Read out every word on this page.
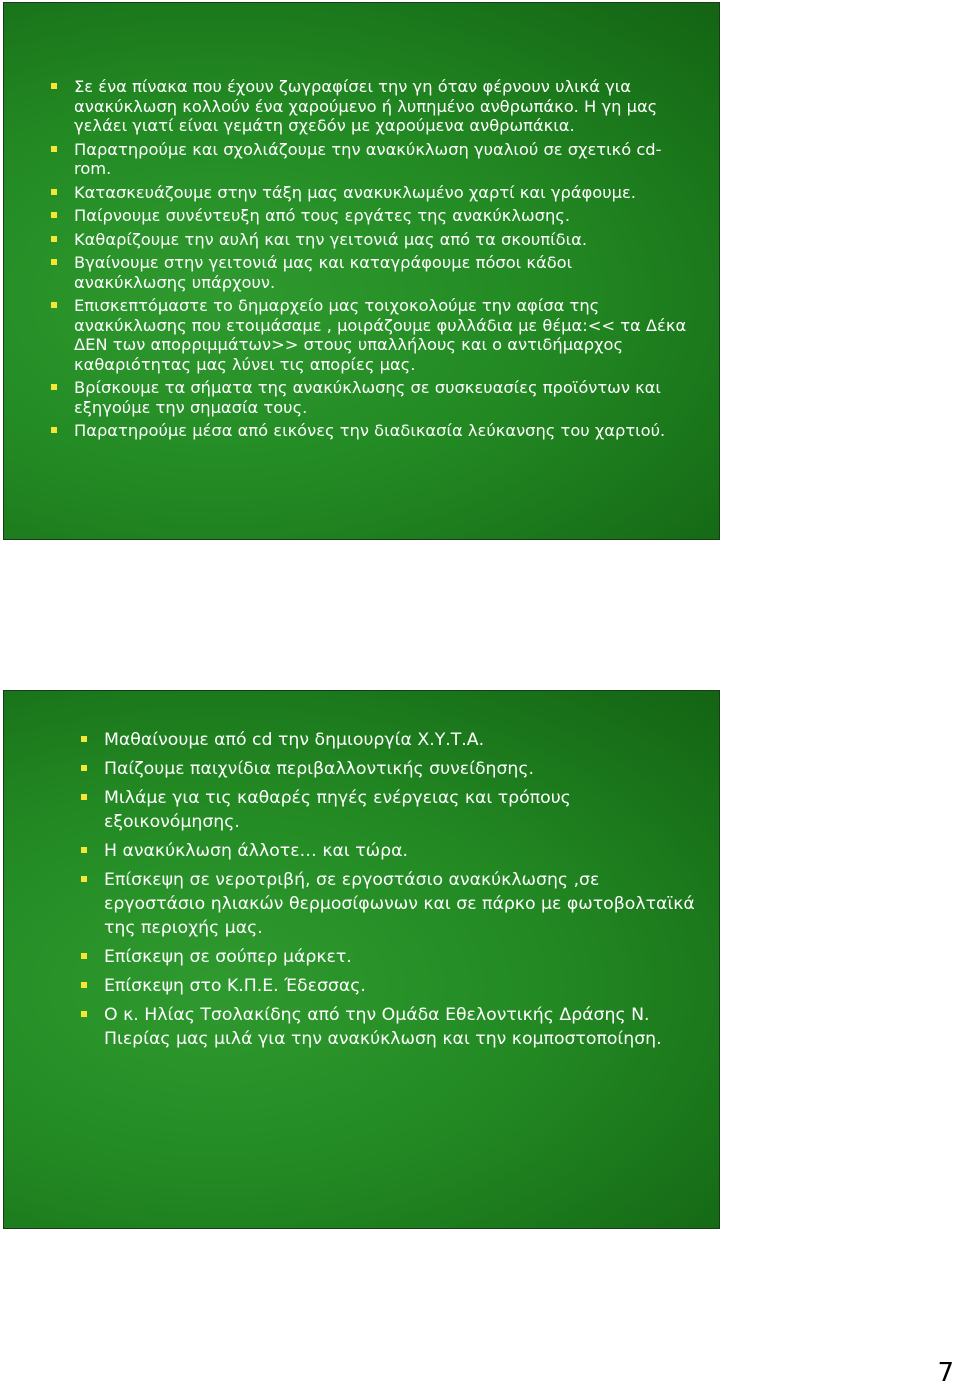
Σε ένα πίνακα που έχουν ζωγραφίσει την γη όταν φέρνουν υλικά για ανακύκλωση κολλούν ένα χαρούμενο ή λυπημένο ανθρωπάκο. Η γη μας γελάει γιατί είναι γεμάτη σχεδόν με χαρούμενα ανθρωπάκια.
Παρατηρούμε και σχολιάζουμε την ανακύκλωση γυαλιού σε σχετικό cd-rom.
Κατασκευάζουμε στην τάξη μας ανακυκλωμένο χαρτί και γράφουμε.
Παίρνουμε συνέντευξη από τους εργάτες της ανακύκλωσης.
Καθαρίζουμε την αυλή και την γειτονιά μας από τα σκουπίδια.
Βγαίνουμε στην γειτονιά μας και καταγράφουμε πόσοι κάδοι ανακύκλωσης υπάρχουν.
Επισκεπτόμαστε το δημαρχείο μας τοιχοκολούμε την αφίσα της ανακύκλωσης που ετοιμάσαμε , μοιράζουμε φυλλάδια με θέμα:<< τα Δέκα ΔΕΝ των απορριμμάτων>> στους υπαλλήλους και ο αντιδήμαρχος καθαριότητας μας λύνει τις απορίες μας.
Βρίσκουμε τα σήματα της ανακύκλωσης σε συσκευασίες προϊόντων και εξηγούμε την σημασία τους.
Παρατηρούμε μέσα από εικόνες την διαδικασία λεύκανσης του χαρτιού.
Μαθαίνουμε από cd την δημιουργία Χ.Υ.Τ.Α.
Παίζουμε παιχνίδια περιβαλλοντικής συνείδησης.
Μιλάμε για τις καθαρές πηγές ενέργειας και τρόπους εξοικονόμησης.
Η ανακύκλωση άλλοτε… και τώρα.
Επίσκεψη σε νεροτριβή, σε εργοστάσιο ανακύκλωσης ,σε εργοστάσιο ηλιακών θερμοσίφωνων και σε πάρκο με φωτοβολταϊκά της περιοχής μας.
Επίσκεψη σε σούπερ μάρκετ.
Επίσκεψη στο Κ.Π.Ε. Έδεσσας.
Ο κ. Ηλίας Τσολακίδης από την Ομάδα Εθελοντικής Δράσης Ν. Πιερίας μας μιλά για την ανακύκλωση και την κομποστοποίηση.
7
